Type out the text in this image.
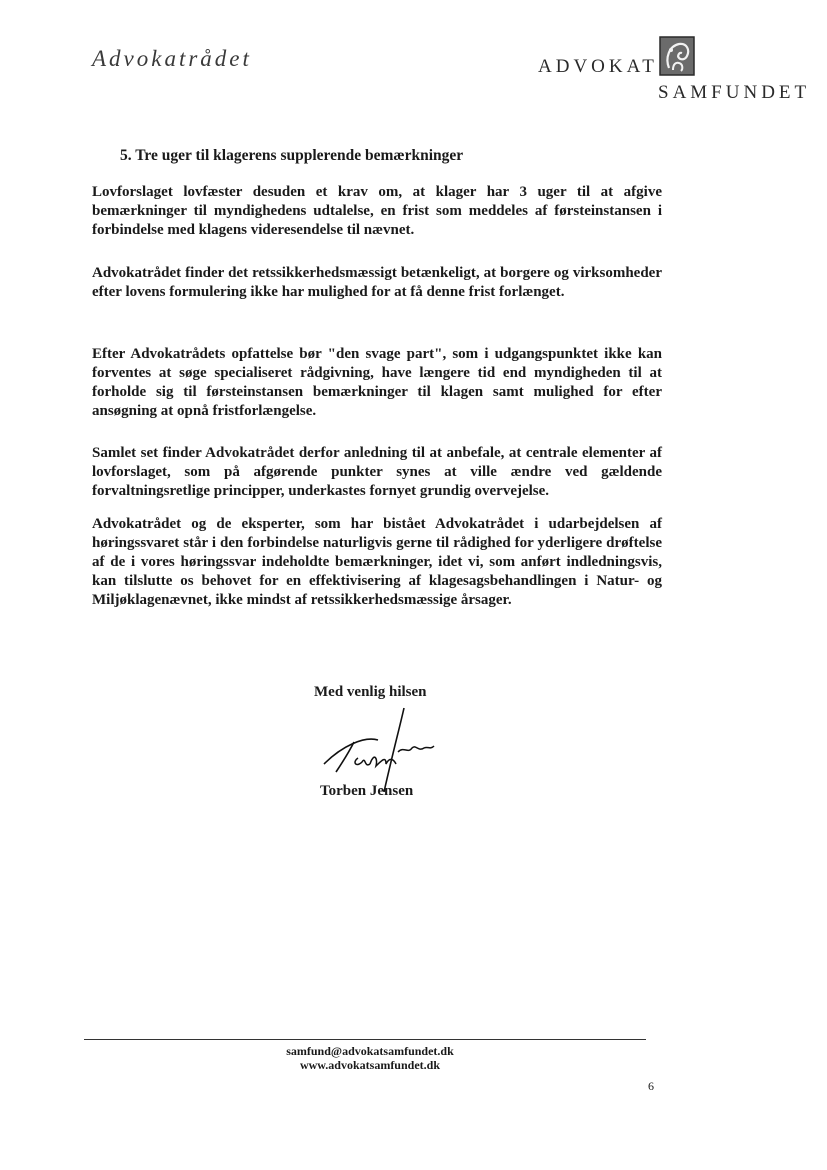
Advokatrådet	ADVOKAT
SAMFUNDET
5. Tre uger til klagerens supplerende bemærkninger

Lovforslaget lovfæster desuden et krav om, at klager har 3 uger til at afgive bemærkninger til myndighedens udtalelse, en frist som meddeles af førsteinstansen i forbindelse med klagens videresendelse til nævnet.

Advokatrådet finder det retssikkerhedsmæssigt betænkeligt, at borgere og virksomheder efter lovens formulering ikke har mulighed for at få denne frist forlænget.

Efter Advokatrådets opfattelse bør "den svage part", som i udgangspunktet ikke kan forventes at søge specialiseret rådgivning, have længere tid end myndigheden til at forholde sig til førsteinstansen bemærkninger til klagen samt mulighed for efter ansøgning at opnå fristforlængelse.

Samlet set finder Advokatrådet derfor anledning til at anbefale, at centrale elementer af lovforslaget, som på afgørende punkter synes at ville ændre ved gældende forvaltningsretlige principper, underkastes fornyet grundig overvejelse.

Advokatrådet og de eksperter, som har bistået Advokatrådet i udarbejdelsen af høringssvaret står i den forbindelse naturligvis gerne til rådighed for yderligere drøftelse af de i vores høringssvar indeholdte bemærkninger, idet vi, som anført indledningsvis, kan tilslutte os behovet for en effektivisering af klagesagsbehandlingen i Natur- og Miljøklagenævnet, ikke mindst af retssikkerhedsmæssige årsager.

Med venlig hilsen
Torben Jensen
samfund@advokatsamfundet.dk
www.advokatsamfundet.dk
6
